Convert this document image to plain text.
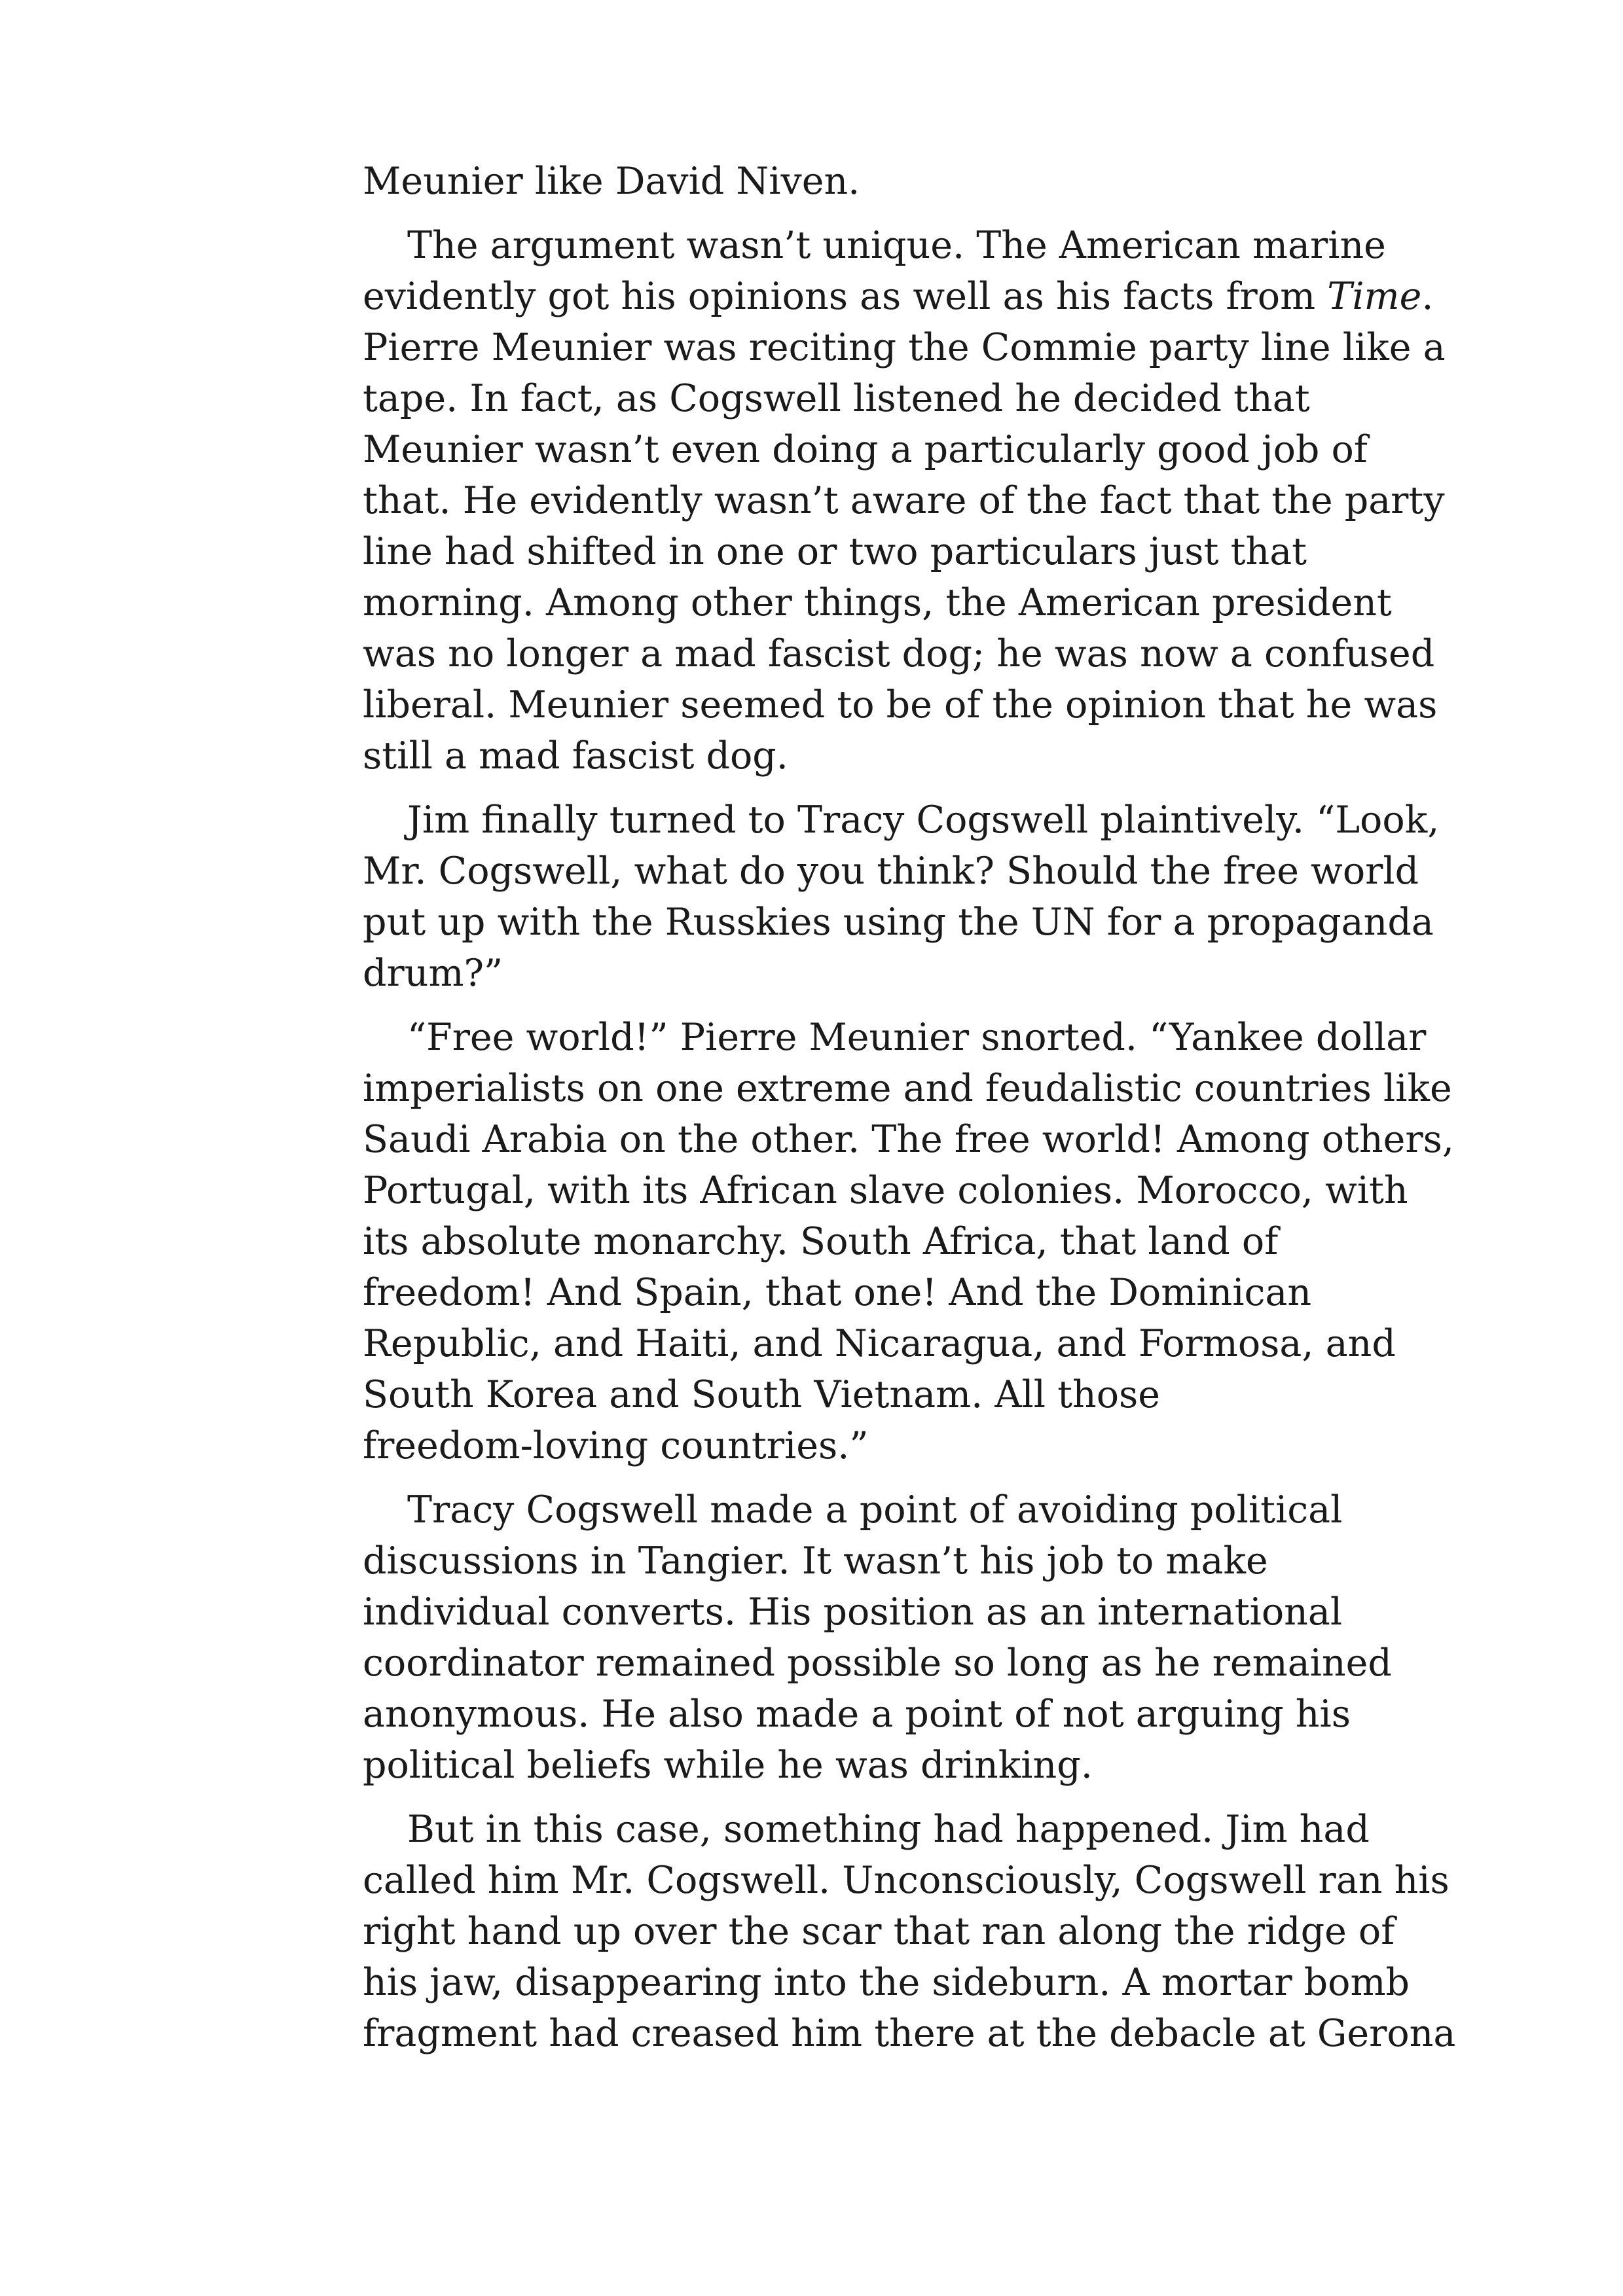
Meunier like David Niven.

The argument wasn’t unique. The American marine
evidently got his opinions as well as his facts from Time.
Pierre Meunier was reciting the Commie party line like a
tape. In fact, as Cogswell listened he decided that
Meunier wasn’t even doing a particularly good job of
that. He evidently wasn’t aware of the fact that the party
line had shifted in one or two particulars just that
morning. Among other things, the American president
was no longer a mad fascist dog; he was now a confused
liberal. Meunier seemed to be of the opinion that he was
still a mad fascist dog.

Jim finally turned to Tracy Cogswell plaintively. “Look,
Mr. Cogswell, what do you think? Should the free world
put up with the Russkies using the UN for a propaganda
drum?”

“Free world!” Pierre Meunier snorted. “Yankee dollar
imperialists on one extreme and feudalistic countries like
Saudi Arabia on the other. The free world! Among others,
Portugal, with its African slave colonies. Morocco, with
its absolute monarchy. South Africa, that land of
freedom! And Spain, that one! And the Dominican
Republic, and Haiti, and Nicaragua, and Formosa, and
South Korea and South Vietnam. All those
freedom-loving countries.”

Tracy Cogswell made a point of avoiding political
discussions in Tangier. It wasn’t his job to make
individual converts. His position as an international
coordinator remained possible so long as he remained
anonymous. He also made a point of not arguing his
political beliefs while he was drinking.

But in this case, something had happened. Jim had
called him Mr. Cogswell. Unconsciously, Cogswell ran his
right hand up over the scar that ran along the ridge of
his jaw, disappearing into the sideburn. A mortar bomb
fragment had creased him there at the debacle at Gerona
